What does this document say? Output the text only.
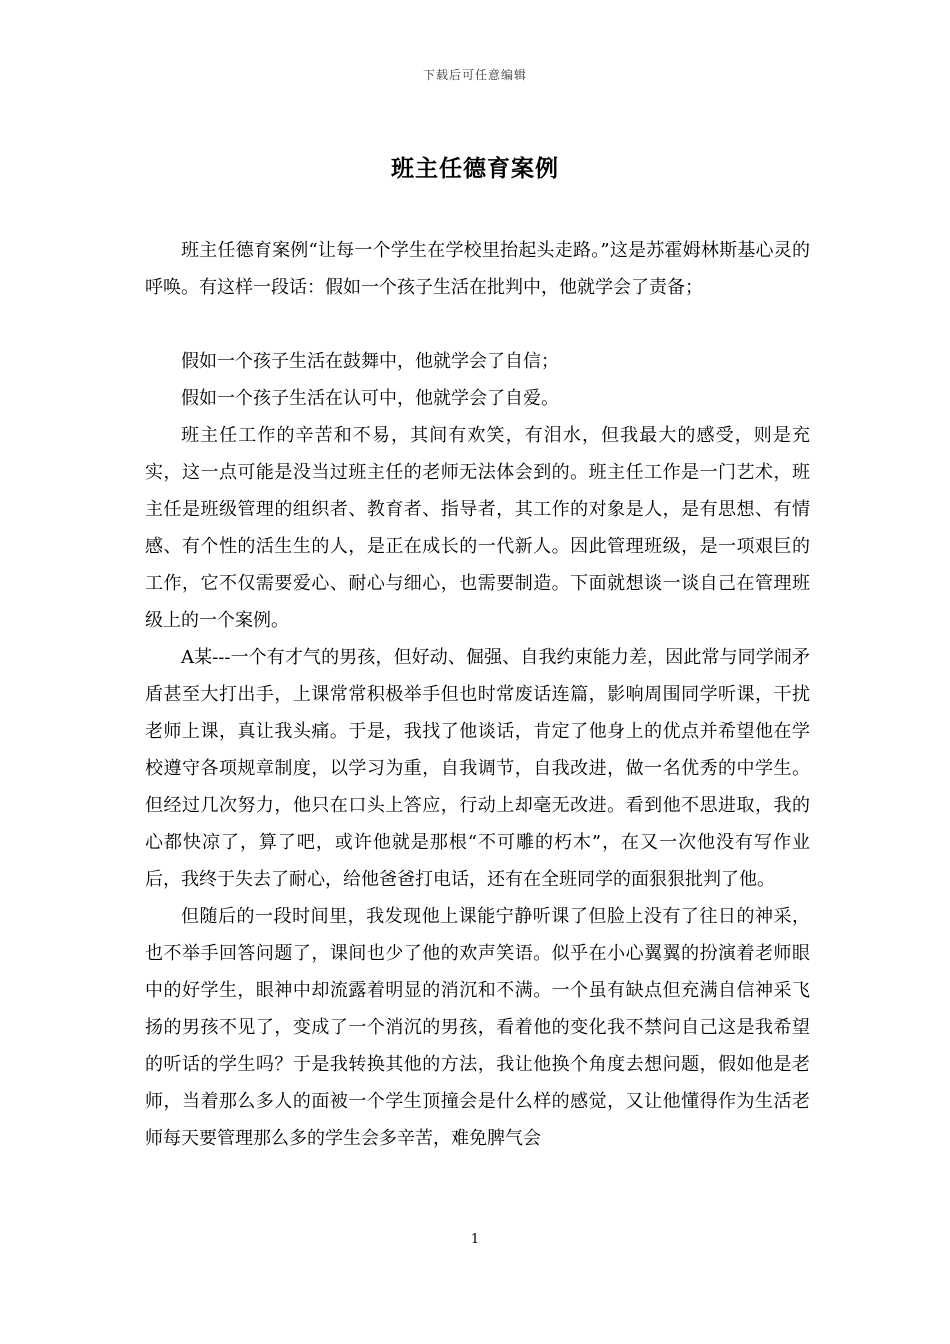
下载后可任意编辑
班主任德育案例

班主任德育案例“让每一个学生在学校里抬起头走路。”这是苏霍姆林斯基心灵的呼唤。有这样一段话：假如一个孩子生活在批判中，他就学会了责备；

假如一个孩子生活在鼓舞中，他就学会了自信；

假如一个孩子生活在认可中，他就学会了自爱。

班主任工作的辛苦和不易，其间有欢笑，有泪水，但我最大的感受，则是充实，这一点可能是没当过班主任的老师无法体会到的。班主任工作是一门艺术，班主任是班级管理的组织者、教育者、指导者，其工作的对象是人，是有思想、有情感、有个性的活生生的人，是正在成长的一代新人。因此管理班级，是一项艰巨的工作，它不仅需要爱心、耐心与细心，也需要制造。下面就想谈一谈自己在管理班级上的一个案例。

A某---一个有才气的男孩，但好动、倔强、自我约束能力差，因此常与同学闹矛盾甚至大打出手，上课常常积极举手但也时常废话连篇，影响周围同学听课，干扰老师上课，真让我头痛。于是，我找了他谈话，肯定了他身上的优点并希望他在学校遵守各项规章制度，以学习为重，自我调节，自我改进，做一名优秀的中学生。但经过几次努力，他只在口头上答应，行动上却毫无改进。看到他不思进取，我的心都快凉了，算了吧，或许他就是那根“不可雕的朽木”，在又一次他没有写作业后，我终于失去了耐心，给他爸爸打电话，还有在全班同学的面狠狠批判了他。

但随后的一段时间里，我发现他上课能宁静听课了但脸上没有了往日的神采，也不举手回答问题了，课间也少了他的欢声笑语。似乎在小心翼翼的扮演着老师眼中的好学生，眼神中却流露着明显的消沉和不满。一个虽有缺点但充满自信神采飞扬的男孩不见了，变成了一个消沉的男孩，看着他的变化我不禁问自己这是我希望的听话的学生吗？于是我转换其他的方法，我让他换个角度去想问题，假如他是老师，当着那么多人的面被一个学生顶撞会是什么样的感觉，又让他懂得作为生活老师每天要管理那么多的学生会多辛苦，难免脾气会

1
